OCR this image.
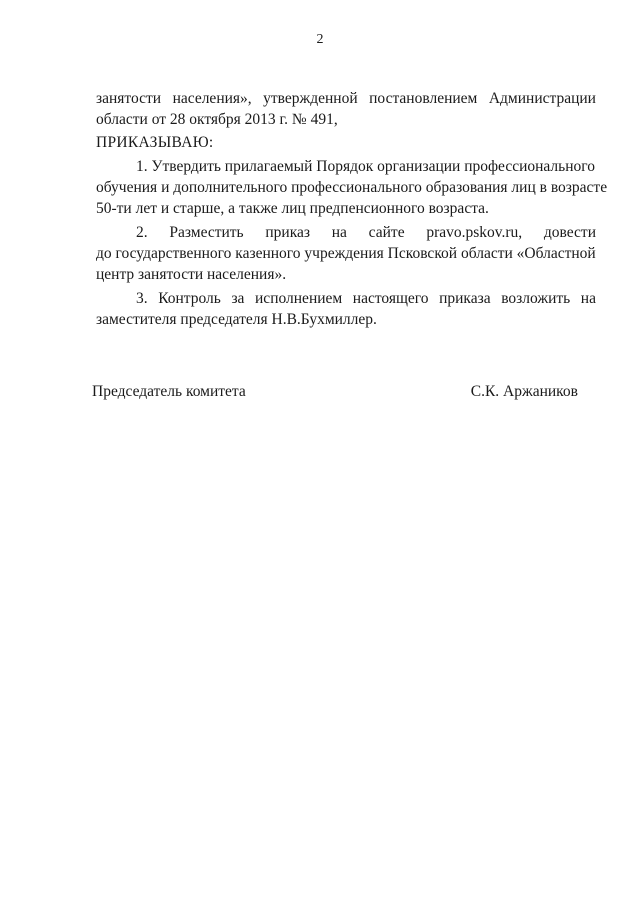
2
занятости населения», утвержденной постановлением Администрации
области от 28 октября 2013 г. № 491,
ПРИКАЗЫВАЮ:
1. Утвердить прилагаемый Порядок организации профессионального
обучения и дополнительного профессионального образования лиц в возрасте
50-ти лет и старше, а также лиц предпенсионного возраста.
2. Разместить приказ на сайте pravo.pskov.ru, довести
до государственного казенного учреждения Псковской области «Областной
центр занятости населения».
3. Контроль за исполнением настоящего приказа возложить на
заместителя председателя Н.В.Бухмиллер.
Председатель комитета	С.К. Аржаников
